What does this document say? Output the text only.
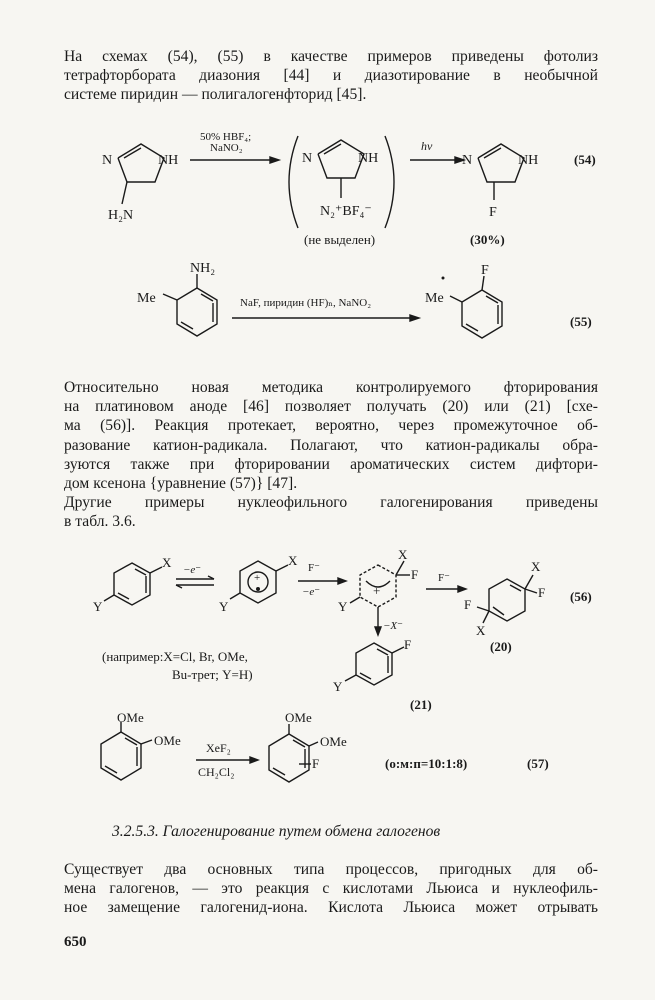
На схемах (54), (55) в качестве примеров приведены фотолиз
тетрафторбората диазония [44] и диазотирование в необычной
системе пиридин — полигалогенфторид [45].
N	NH
H₂N
50% HBF₄;
NaNO₂
N	NH
N₂⁺BF₄⁻
(не выделен)
hν
N	NH
F
(30%)
(54)
NH₂
Me	NaF, пиридин (HF)ₙ, NaNO₂
F
Me
(55)
Относительно новая методика контролируемого фторирования
на платиновом аноде [46] позволяет получать (20) или (21) [схе-
ма (56)]. Реакция протекает, вероятно, через промежуточное об-
разование катион-радикала. Полагают, что катион-радикалы обра-
зуются также при фторировании ароматических систем дифтори-
дом ксенона {уравнение (57)} [47].
Другие примеры нуклеофильного галогенирования приведены
в табл. 3.6.
X
Y
−e⁻
+
X
Y
F⁻
−e⁻	+
X
F
Y
−X⁻
F⁻
X
F
F
X
(20)
(56)
(например:X=Cl, Br, OMe,
Bu-трет; Y=H)
F
Y
(21)
OMe
OMe XeF₂
CH₂Cl₂
OMe
OMe
F	(о:м:п=10:1:8)	(57)
3.2.5.3. Галогенирование путем обмена галогенов
Существует два основных типа процессов, пригодных для об-
мена галогенов, — это реакция с кислотами Льюиса и нуклеофиль-
ное замещение галогенид-иона. Кислота Льюиса может отрывать
650
